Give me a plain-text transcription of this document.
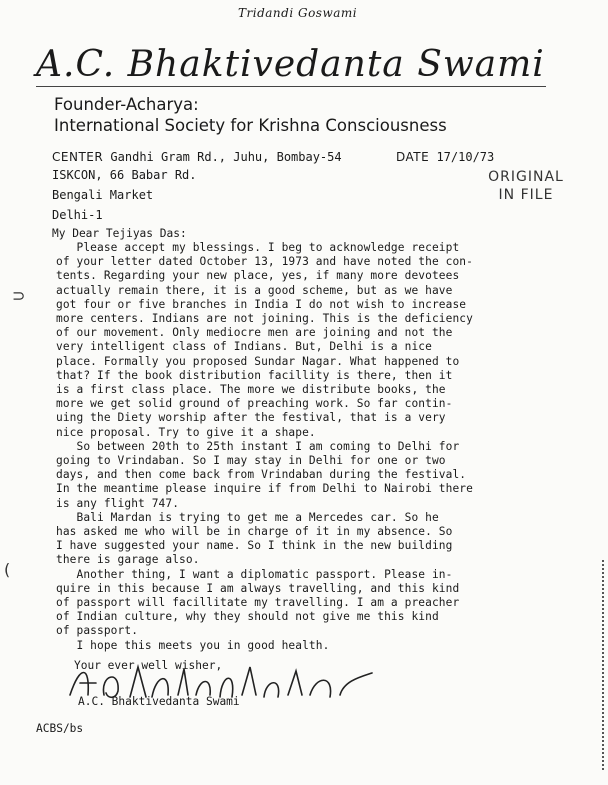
Tridandi Goswami
A.C. Bhaktivedanta Swami
Founder-Acharya:
International Society for Krishna Consciousness
CENTER Gandhi Gram Rd., Juhu, Bombay-54	DATE 17/10/73
ORIGINAL
IN FILE
ISKCON, 66 Babar Rd.
Bengali Market
Delhi-1
My Dear Tejiyas Das:
Please accept my blessings. I beg to acknowledge receipt
of your letter dated October 13, 1973 and have noted the con-
tents. Regarding your new place, yes, if many more devotees
actually remain there, it is a good scheme, but as we have
got four or five branches in India I do not wish to increase
more centers. Indians are not joining. This is the deficiency
of our movement. Only mediocre men are joining and not the
very intelligent class of Indians. But, Delhi is a nice
place. Formally you proposed Sundar Nagar. What happened to
that? If the book distribution facillity is there, then it
is a first class place. The more we distribute books, the
more we get solid ground of preaching work. So far contin-
uing the Diety worship after the festival, that is a very
nice proposal. Try to give it a shape.
So between 20th to 25th instant I am coming to Delhi for
going to Vrindaban. So I may stay in Delhi for one or two
days, and then come back from Vrindaban during the festival.
In the meantime please inquire if from Delhi to Nairobi there
is any flight 747.
Bali Mardan is trying to get me a Mercedes car. So he
has asked me who will be in charge of it in my absence. So
I have suggested your name. So I think in the new building
there is garage also.
Another thing, I want a diplomatic passport. Please in-
quire in this because I am always travelling, and this kind
of passport will facillitate my travelling. I am a preacher
of Indian culture, why they should not give me this kind
of passport.
I hope this meets you in good health.
Your ever well wisher,
A.C. Bhaktivedanta Swami
ACBS/bs
⊃
(
